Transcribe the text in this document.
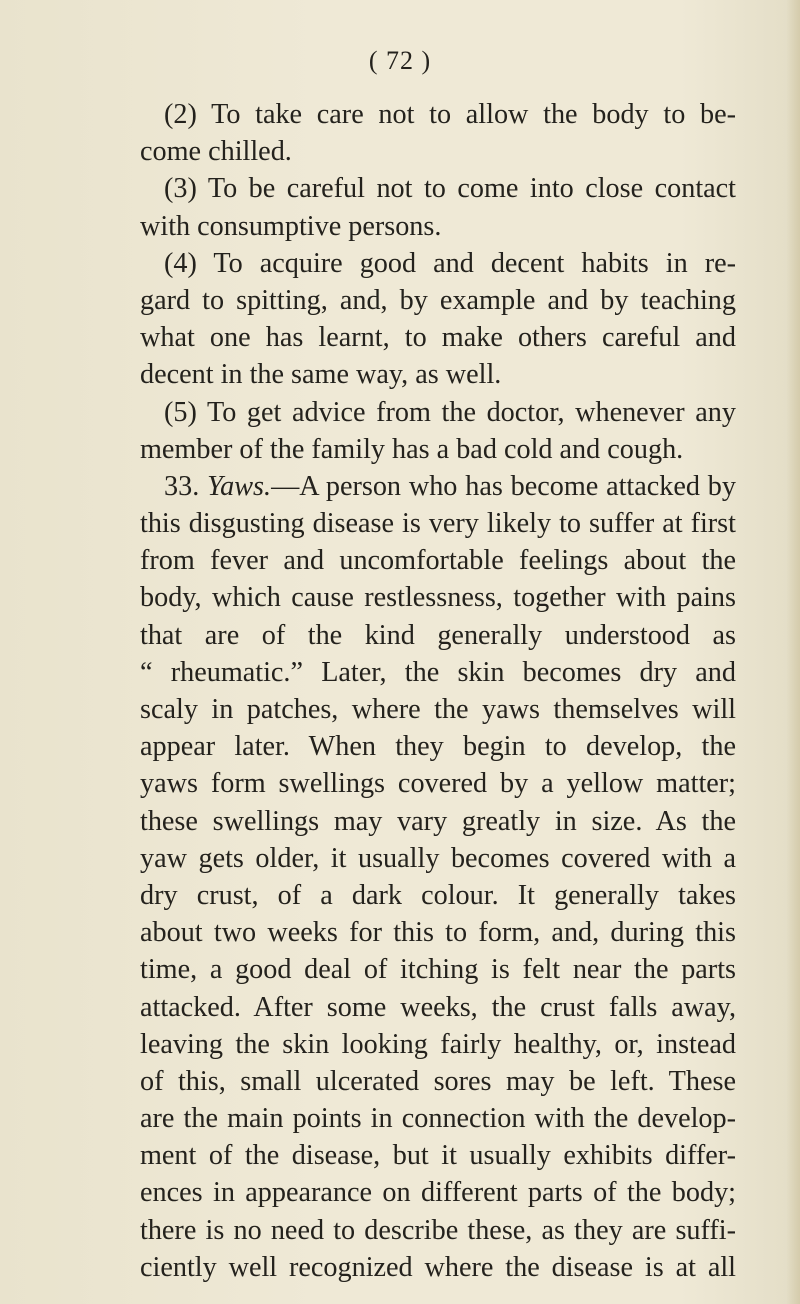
( 72 )
(2) To take care not to allow the body to be-
come chilled.
(3) To be careful not to come into close contact
with consumptive persons.
(4) To acquire good and decent habits in re-
gard to spitting, and, by example and by teaching
what one has learnt, to make others careful and
decent in the same way, as well.
(5) To get advice from the doctor, whenever any
member of the family has a bad cold and cough.
33. Yaws.—A person who has become attacked by
this disgusting disease is very likely to suffer at first
from fever and uncomfortable feelings about the
body, which cause restlessness, together with pains
that are of the kind generally understood as
“ rheumatic.” Later, the skin becomes dry and
scaly in patches, where the yaws themselves will
appear later. When they begin to develop, the
yaws form swellings covered by a yellow matter;
these swellings may vary greatly in size. As the
yaw gets older, it usually becomes covered with a
dry crust, of a dark colour. It generally takes
about two weeks for this to form, and, during this
time, a good deal of itching is felt near the parts
attacked. After some weeks, the crust falls away,
leaving the skin looking fairly healthy, or, instead
of this, small ulcerated sores may be left. These
are the main points in connection with the develop-
ment of the disease, but it usually exhibits differ-
ences in appearance on different parts of the body;
there is no need to describe these, as they are suffi-
ciently well recognized where the disease is at all
